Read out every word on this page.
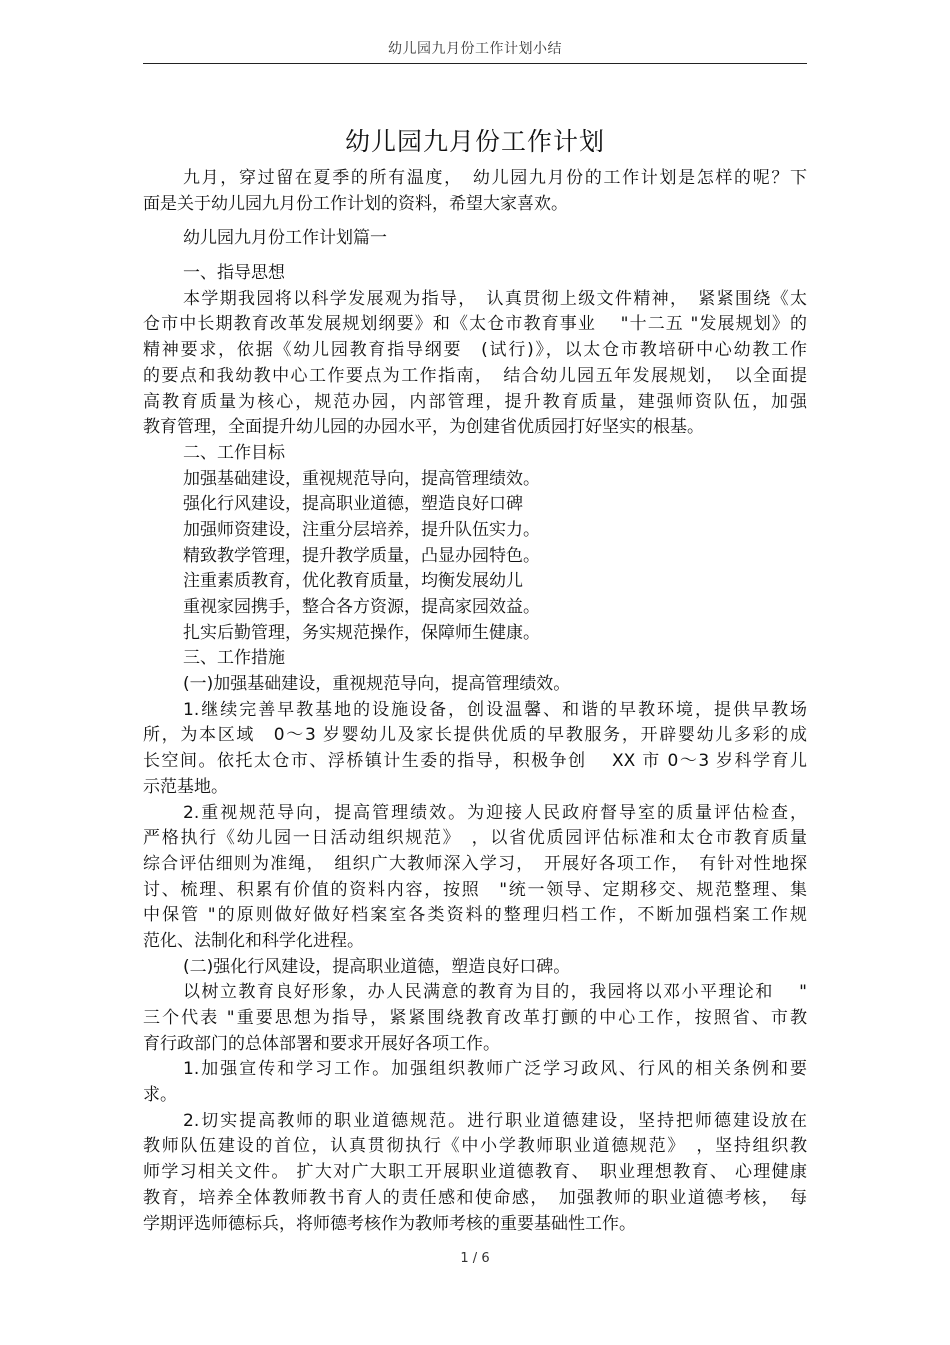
幼儿园九月份工作计划小结
幼儿园九月份工作计划
九月，穿过留在夏季的所有温度，　幼儿园九月份的工作计划是怎样的呢？下
面是关于幼儿园九月份工作计划的资料，希望大家喜欢。
幼儿园九月份工作计划篇一
一、指导思想
本学期我园将以科学发展观为指导，　认真贯彻上级文件精神，　紧紧围绕《太
仓市中长期教育改革发展规划纲要》和《太仓市教育事业　 "十二五 "发展规划》的
精神要求，依据《幼儿园教育指导纲要　(试行)》，以太仓市教培研中心幼教工作
的要点和我幼教中心工作要点为工作指南，　结合幼儿园五年发展规划，　以全面提
高教育质量为核心，规范办园，内部管理，提升教育质量，建强师资队伍，加强
教育管理，全面提升幼儿园的办园水平，为创建省优质园打好坚实的根基。
二、工作目标
加强基础建设，重视规范导向，提高管理绩效。
强化行风建设，提高职业道德，塑造良好口碑
加强师资建设，注重分层培养，提升队伍实力。
精致教学管理，提升教学质量，凸显办园特色。
注重素质教育，优化教育质量，均衡发展幼儿
重视家园携手，整合各方资源，提高家园效益。
扎实后勤管理，务实规范操作，保障师生健康。
三、工作措施
(一)加强基础建设，重视规范导向，提高管理绩效。
1.继续完善早教基地的设施设备，创设温馨、和谐的早教环境，提供早教场
所，为本区域　0～3 岁婴幼儿及家长提供优质的早教服务，开辟婴幼儿多彩的成
长空间。依托太仓市、浮桥镇计生委的指导，积极争创　 XX 市 0～3 岁科学育儿
示范基地。
2.重视规范导向，提高管理绩效。为迎接人民政府督导室的质量评估检查，
严格执行《幼儿园一日活动组织规范》　，以省优质园评估标准和太仓市教育质量
综合评估细则为准绳，　组织广大教师深入学习，　开展好各项工作，　有针对性地探
讨、梳理、积累有价值的资料内容，按照　"统一领导、定期移交、规范整理、集
中保管 "的原则做好做好档案室各类资料的整理归档工作，不断加强档案工作规
范化、法制化和科学化进程。
(二)强化行风建设，提高职业道德，塑造良好口碑。
以树立教育良好形象，办人民满意的教育为目的，我园将以邓小平理论和　 "
三个代表 "重要思想为指导，紧紧围绕教育改革打颤的中心工作，按照省、市教
育行政部门的总体部署和要求开展好各项工作。
1.加强宣传和学习工作。加强组织教师广泛学习政风、行风的相关条例和要
求。
2.切实提高教师的职业道德规范。进行职业道德建设，坚持把师德建设放在
教师队伍建设的首位，认真贯彻执行《中小学教师职业道德规范》　，坚持组织教
师学习相关文件。 扩大对广大职工开展职业道德教育、　职业理想教育、 心理健康
教育，培养全体教师教书育人的责任感和使命感，　加强教师的职业道德考核，　每
学期评选师德标兵，将师德考核作为教师考核的重要基础性工作。
1 / 6
